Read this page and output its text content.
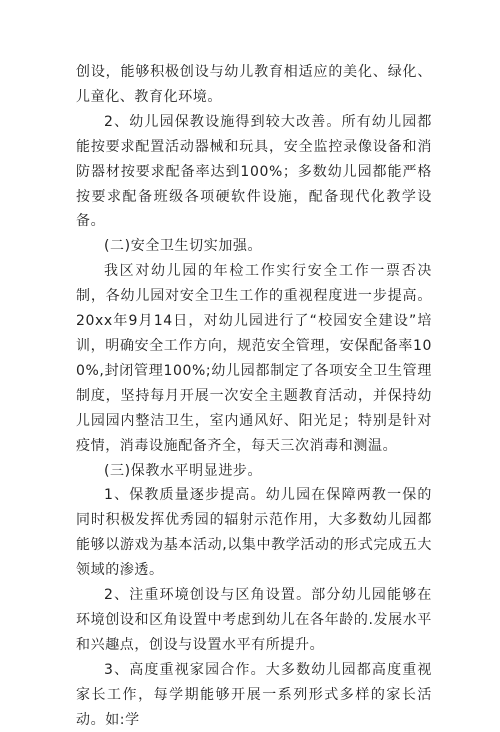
创设，能够积极创设与幼儿教育相适应的美化、绿化、儿童化、教育化环境。

2、幼儿园保教设施得到较大改善。所有幼儿园都能按要求配置活动器械和玩具，安全监控录像设备和消防器材按要求配备率达到100%；多数幼儿园都能严格按要求配备班级各项硬软件设施，配备现代化教学设备。

(二)安全卫生切实加强。

我区对幼儿园的年检工作实行安全工作一票否决制，各幼儿园对安全卫生工作的重视程度进一步提高。20xx年9月14日，对幼儿园进行了“校园安全建设”培训，明确安全工作方向，规范安全管理，安保配备率100%,封闭管理100%;幼儿园都制定了各项安全卫生管理制度，坚持每月开展一次安全主题教育活动，并保持幼儿园园内整洁卫生，室内通风好、阳光足；特别是针对疫情，消毒设施配备齐全，每天三次消毒和测温。

(三)保教水平明显进步。

1、保教质量逐步提高。幼儿园在保障两教一保的同时积极发挥优秀园的辐射示范作用，大多数幼儿园都能够以游戏为基本活动,以集中教学活动的形式完成五大领域的渗透。

2、注重环境创设与区角设置。部分幼儿园能够在环境创设和区角设置中考虑到幼儿在各年龄的.发展水平和兴趣点，创设与设置水平有所提升。

3、高度重视家园合作。大多数幼儿园都高度重视家长工作，每学期能够开展一系列形式多样的家长活动。如:学
